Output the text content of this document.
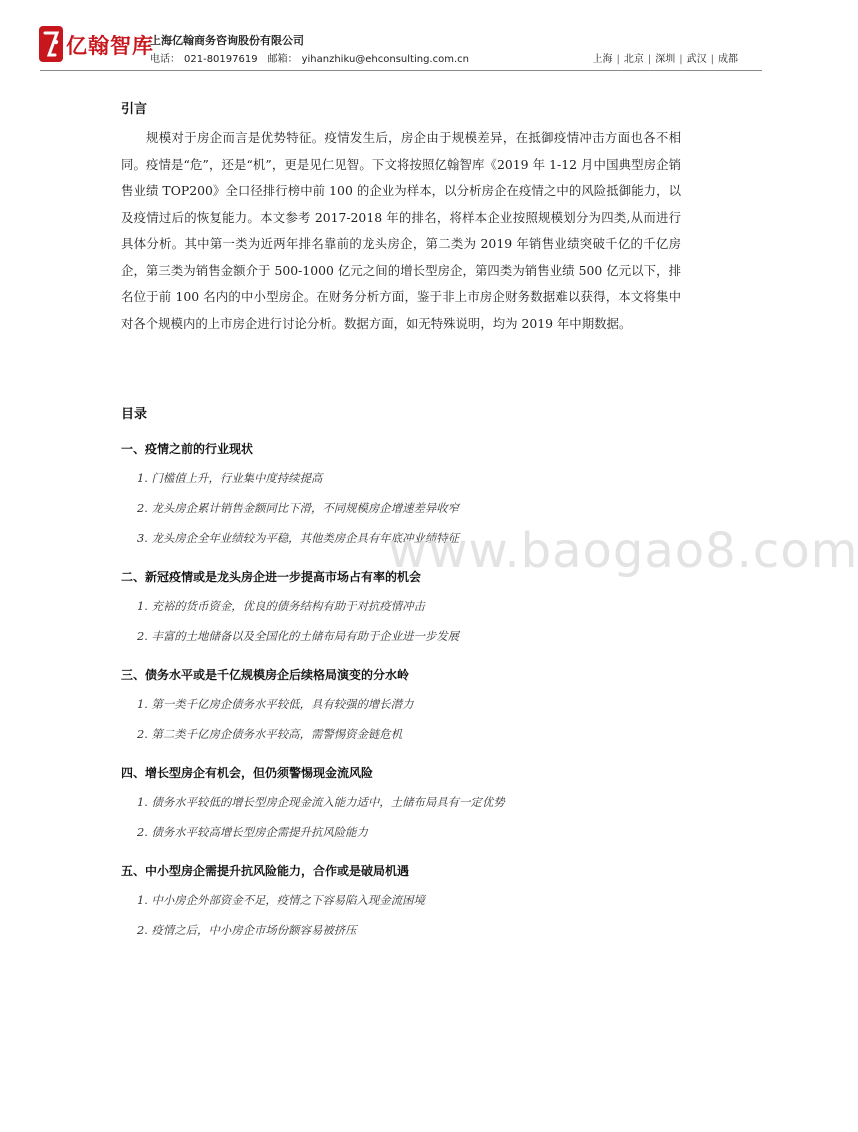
亿翰智库
上海亿翰商务咨询股份有限公司
电话： 021-80197619 邮箱： yihanzhiku@ehconsulting.com.cn	上海 | 北京 | 深圳 | 武汉 | 成都
引言

规模对于房企而言是优势特征。疫情发生后，房企由于规模差异，在抵御疫情冲击方面也各不相同。疫情是“危”，还是“机”，更是见仁见智。下文将按照亿翰智库《2019 年 1-12 月中国典型房企销售业绩 TOP200》全口径排行榜中前 100 的企业为样本，以分析房企在疫情之中的风险抵御能力，以及疫情过后的恢复能力。本文参考 2017-2018 年的排名，将样本企业按照规模划分为四类,从而进行具体分析。其中第一类为近两年排名靠前的龙头房企，第二类为 2019 年销售业绩突破千亿的千亿房企，第三类为销售金额介于 500-1000 亿元之间的增长型房企，第四类为销售业绩 500 亿元以下，排名位于前 100 名内的中小型房企。在财务分析方面，鉴于非上市房企财务数据难以获得，本文将集中对各个规模内的上市房企进行讨论分析。数据方面，如无特殊说明，均为 2019 年中期数据。

目录
一、疫情之前的行业现状
1. 门槛值上升，行业集中度持续提高
2. 龙头房企累计销售金额同比下滑，不同规模房企增速差异收窄
3. 龙头房企全年业绩较为平稳，其他类房企具有年底冲业绩特征
二、新冠疫情或是龙头房企进一步提高市场占有率的机会
1. 充裕的货币资金，优良的债务结构有助于对抗疫情冲击
2. 丰富的土地储备以及全国化的土储布局有助于企业进一步发展
三、债务水平或是千亿规模房企后续格局演变的分水岭
1. 第一类千亿房企债务水平较低，具有较强的增长潜力
2. 第二类千亿房企债务水平较高，需警惕资金链危机
四、增长型房企有机会，但仍须警惕现金流风险
1. 债务水平较低的增长型房企现金流入能力适中，土储布局具有一定优势
2. 债务水平较高增长型房企需提升抗风险能力
五、中小型房企需提升抗风险能力，合作或是破局机遇
1. 中小房企外部资金不足，疫情之下容易陷入现金流困境
2. 疫情之后，中小房企市场份额容易被挤压
www.baogao8.com
